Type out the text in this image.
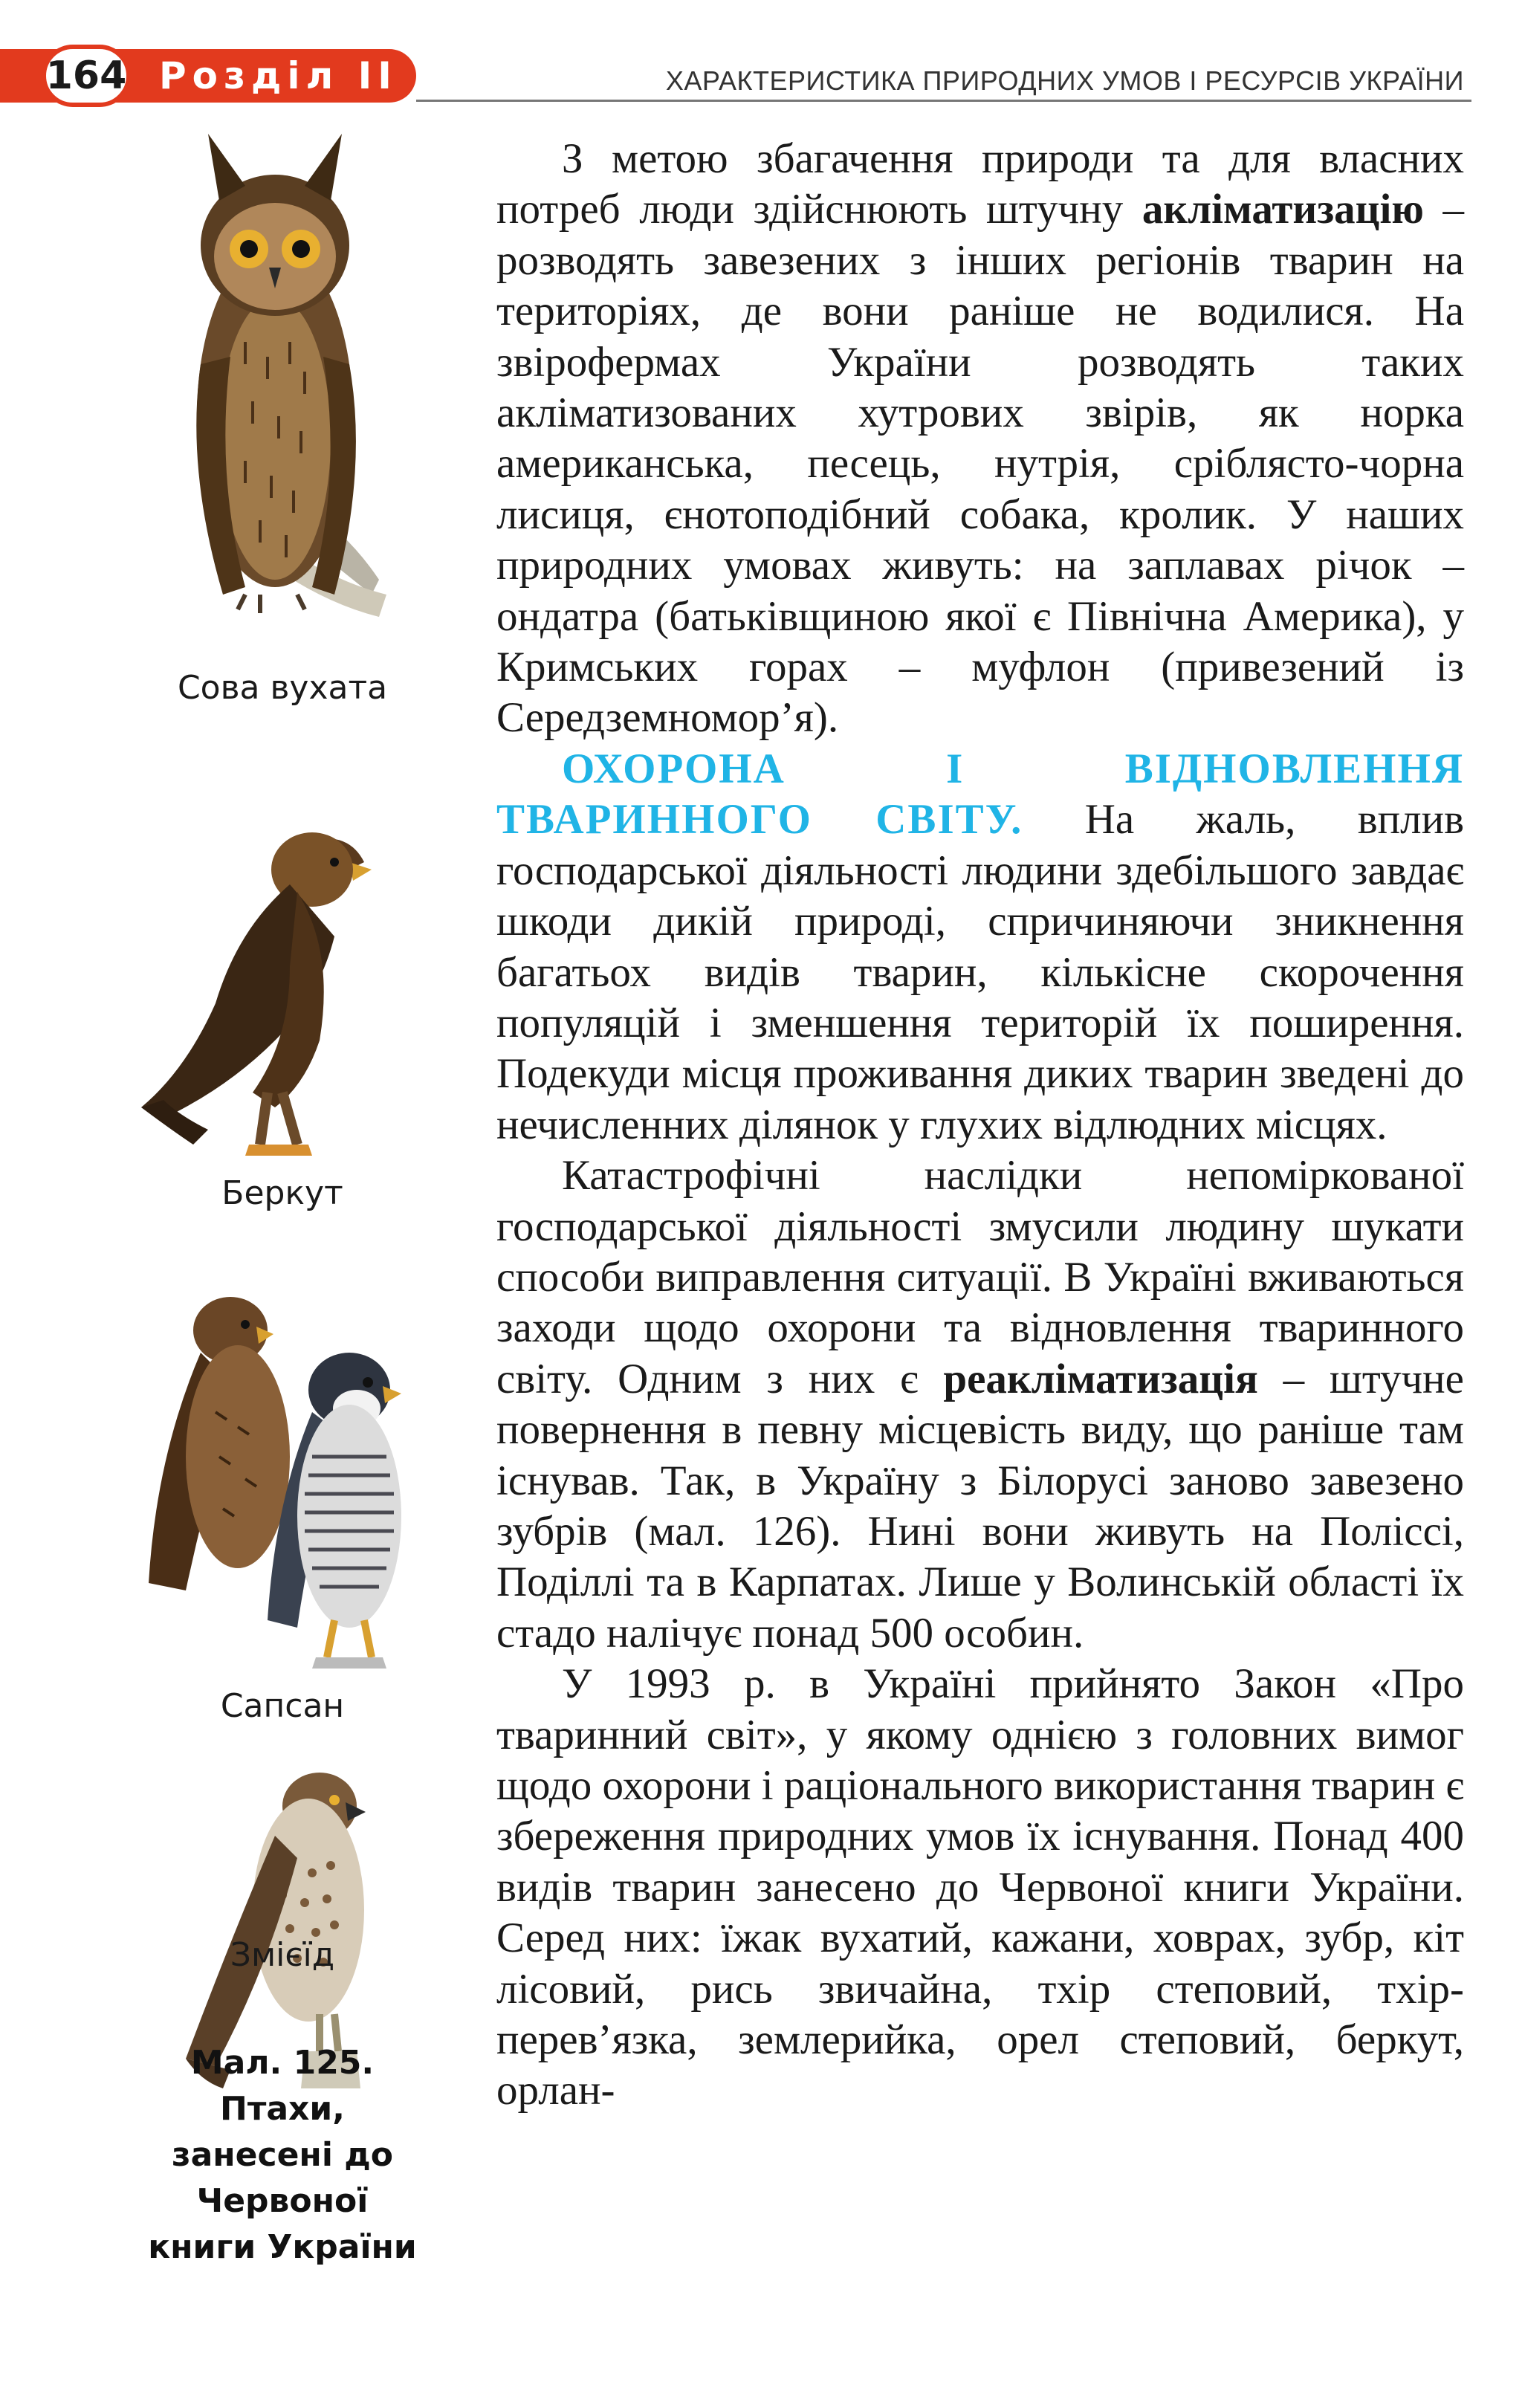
164 Розділ II	ХАРАКТЕРИСТИКА ПРИРОДНИХ УМОВ І РЕСУРСІВ УКРАЇНИ
Сова вухата
Беркут
Сапсан
Змієїд
Мал. 125.
Птахи,
занесені до
Червоної
книги України

З метою збагачення природи та для власних потреб люди здійснюють штучну акліматизацію – розводять завезених з інших регіонів тварин на територіях, де вони раніше не водилися. На звірофермах України розводять таких акліматизованих хутрових звірів, як норка американська, песець, нутрія, сріблясто-чорна лисиця, єнотоподібний собака, кролик. У наших природних умовах живуть: на заплавах річок – ондатра (батьківщиною якої є Північна Америка), у Кримських горах – муфлон (привезений із Середземномор’я).

ОХОРОНА І ВІДНОВЛЕННЯ ТВАРИННОГО СВІТУ. На жаль, вплив господарської діяльності людини здебільшого завдає шкоди дикій природі, спричиняючи зникнення багатьох видів тварин, кількісне скорочення популяцій і зменшення територій їх поширення. Подекуди місця проживання диких тварин зведені до нечисленних ділянок у глухих відлюдних місцях.

Катастрофічні наслідки непоміркованої господарської діяльності змусили людину шукати способи виправлення ситуації. В Україні вживаються заходи щодо охорони та відновлення тваринного світу. Одним з них є реакліматизація – штучне повернення в певну місцевість виду, що раніше там існував. Так, в Україну з Білорусі заново завезено зубрів (мал. 126). Нині вони живуть на Поліссі, Поділлі та в Карпатах. Лише у Волинській області їх стадо налічує понад 500 особин.

У 1993 р. в Україні прийнято Закон «Про тваринний світ», у якому однією з головних вимог щодо охорони і раціонального використання тварин є збереження природних умов їх існування. Понад 400 видів тварин занесено до Червоної книги України. Серед них: їжак вухатий, кажани, ховрах, зубр, кіт лісовий, рись звичайна, тхір степовий, тхір-перев’язка, землерийка, орел степовий, беркут, орлан-
